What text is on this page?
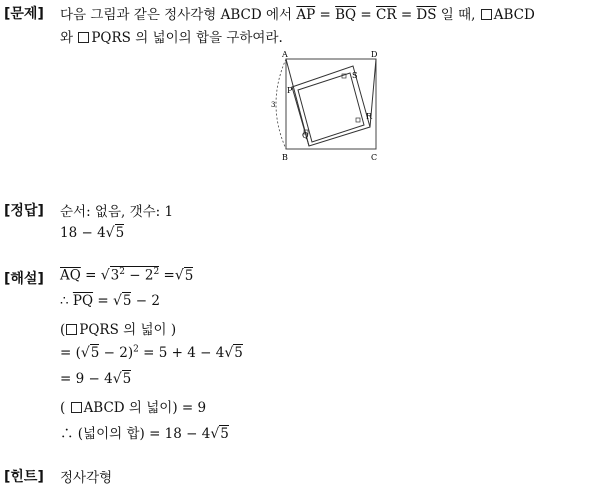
[문제] 다음 그림과 같은 정사각형 ABCD 에서 $\overline{AP} = \overline{BQ} = \overline{CR} = \overline{DS}$ 일 때, ABCD
와 PQRS 의 넓이의 합을 구하여라.
A	D
B	C
P
S
Q
R
3
[정답] 순서: 없음, 갯수: 1
18 − 4√5
[해설] $\overline{AQ} = √3^2 - 2^2 =√5$
∴ $\overline{PQ} = √5 - 2$
( PQRS 의 넓이 )
= $(√5 - 2)^2 = 5 + 4 - 4√5$
= 9 − 4√5
( ABCD 의 넓이) = 9
∴ (넓이의 합) = 18 − 4√5
[힌트] 정사각형
